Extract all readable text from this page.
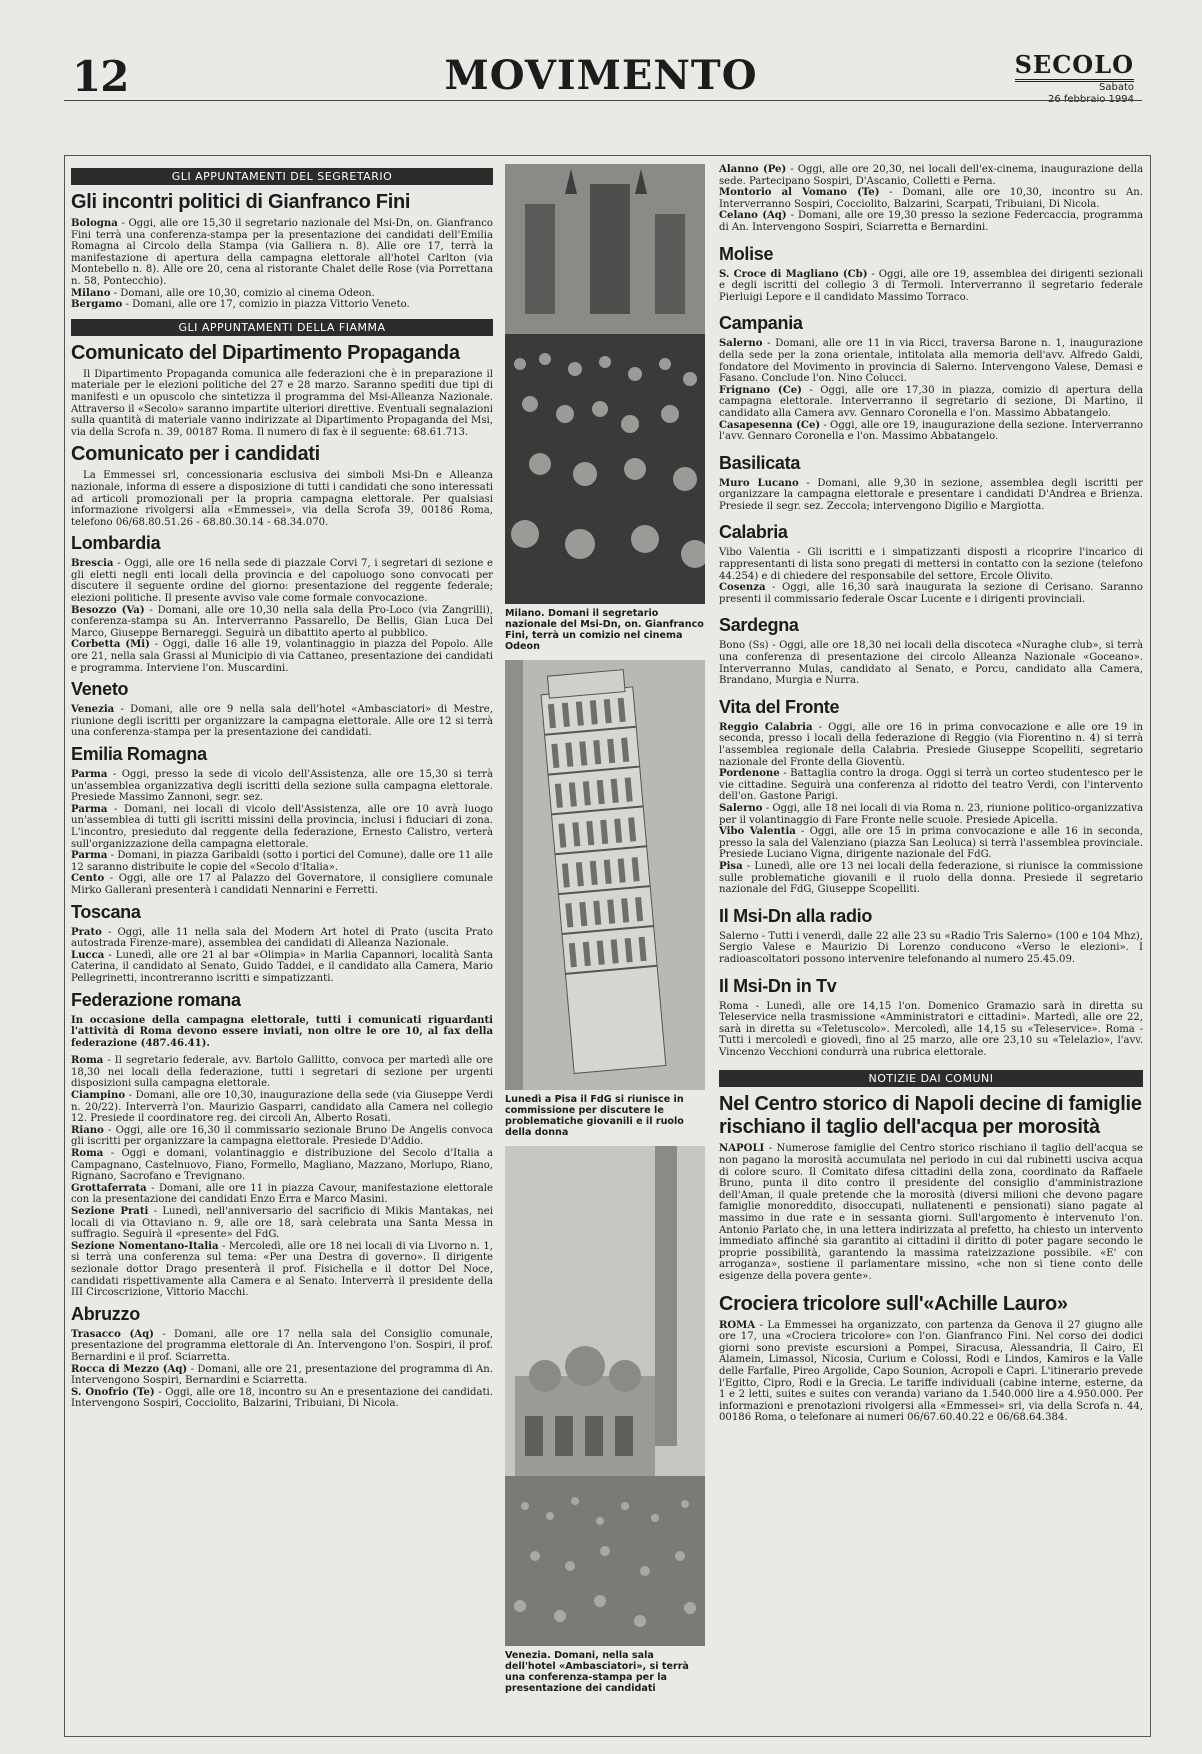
12	MOVIMENTO	SECOLO
Sabato
26 febbraio 1994
GLI APPUNTAMENTI DEL SEGRETARIO
Gli incontri politici di Gianfranco Fini

Bologna - Oggi, alle ore 15,30 il segretario nazionale del Msi-Dn, on. Gianfranco Fini terrà una conferenza-stampa per la presentazione dei candidati dell'Emilia Romagna al Circolo della Stampa (via Galliera n. 8). Alle ore 17, terrà la manifestazione di apertura della campagna elettorale all'hotel Carlton (via Montebello n. 8). Alle ore 20, cena al ristorante Chalet delle Rose (via Porrettana n. 58, Pontecchio).

Milano - Domani, alle ore 10,30, comizio al cinema Odeon.

Bergamo - Domani, alle ore 17, comizio in piazza Vittorio Veneto.

GLI APPUNTAMENTI DELLA FIAMMA
Comunicato del Dipartimento Propaganda

Il Dipartimento Propaganda comunica alle federazioni che è in preparazione il materiale per le elezioni politiche del 27 e 28 marzo. Saranno spediti due tipi di manifesti e un opuscolo che sintetizza il programma del Msi-Alleanza Nazionale. Attraverso il «Secolo» saranno impartite ulteriori direttive. Eventuali segnalazioni sulla quantità di materiale vanno indirizzate al Dipartimento Propaganda del Msi, via della Scrofa n. 39, 00187 Roma. Il numero di fax è il seguente: 68.61.713.

Comunicato per i candidati

La Emmessei srl, concessionaria esclusiva dei simboli Msi-Dn e Alleanza nazionale, informa di essere a disposizione di tutti i candidati che sono interessati ad articoli promozionali per la propria campagna elettorale. Per qualsiasi informazione rivolgersi alla «Emmessei», via della Scrofa 39, 00186 Roma, telefono 06/68.80.51.26 - 68.80.30.14 - 68.34.070.

Lombardia

Brescia - Oggi, alle ore 16 nella sede di piazzale Corvi 7, i segretari di sezione e gli eletti negli enti locali della provincia e del capoluogo sono convocati per discutere il seguente ordine del giorno: presentazione del reggente federale; elezioni politiche. Il presente avviso vale come formale convocazione.

Besozzo (Va) - Domani, alle ore 10,30 nella sala della Pro-Loco (via Zangrilli), conferenza-stampa su An. Interverranno Passarello, De Bellis, Gian Luca Del Marco, Giuseppe Bernareggi. Seguirà un dibattito aperto al pubblico.

Corbetta (Mi) - Oggi, dalle 16 alle 19, volantinaggio in piazza del Popolo. Alle ore 21, nella sala Grassi al Municipio di via Cattaneo, presentazione dei candidati e programma. Interviene l'on. Muscardini.

Veneto

Venezia - Domani, alle ore 9 nella sala dell'hotel «Ambasciatori» di Mestre, riunione degli iscritti per organizzare la campagna elettorale. Alle ore 12 si terrà una conferenza-stampa per la presentazione dei candidati.

Emilia Romagna

Parma - Oggi, presso la sede di vicolo dell'Assistenza, alle ore 15,30 si terrà un'assemblea organizzativa degli iscritti della sezione sulla campagna elettorale. Presiede Massimo Zannoni, segr. sez.

Parma - Domani, nei locali di vicolo dell'Assistenza, alle ore 10 avrà luogo un'assemblea di tutti gli iscritti missini della provincia, inclusi i fiduciari di zona. L'incontro, presieduto dal reggente della federazione, Ernesto Calistro, verterà sull'organizzazione della campagna elettorale.

Parma - Domani, in piazza Garibaldi (sotto i portici del Comune), dalle ore 11 alle 12 saranno distribuite le copie del «Secolo d'Italia».

Cento - Oggi, alle ore 17 al Palazzo del Governatore, il consigliere comunale Mirko Galleranì presenterà i candidati Nennarini e Ferretti.

Toscana

Prato - Oggi, alle 11 nella sala del Modern Art hotel di Prato (uscita Prato autostrada Firenze-mare), assemblea dei candidati di Alleanza Nazionale.

Lucca - Lunedì, alle ore 21 al bar «Olimpia» in Marlia Capannori, località Santa Caterina, il candidato al Senato, Guido Taddei, e il candidato alla Camera, Mario Pellegrinetti, incontreranno iscritti e simpatizzanti.

Federazione romana

In occasione della campagna elettorale, tutti i comunicati riguardanti l'attività di Roma devono essere inviati, non oltre le ore 10, al fax della federazione (487.46.41).

Roma - Il segretario federale, avv. Bartolo Gallitto, convoca per martedì alle ore 18,30 nei locali della federazione, tutti i segretari di sezione per urgenti disposizioni sulla campagna elettorale.

Ciampino - Domani, alle ore 10,30, inaugurazione della sede (via Giuseppe Verdi n. 20/22). Interverrà l'on. Maurizio Gasparri, candidato alla Camera nel collegio 12. Presiede il coordinatore reg. dei circoli An, Alberto Rosati.

Riano - Oggi, alle ore 16,30 il commissario sezionale Bruno De Angelis convoca gli iscritti per organizzare la campagna elettorale. Presiede D'Addio.

Roma - Oggi e domani, volantinaggio e distribuzione del Secolo d'Italia a Campagnano, Castelnuovo, Fiano, Formello, Magliano, Mazzano, Morlupo, Riano, Rignano, Sacrofano e Trevignano.

Grottaferrata - Domani, alle ore 11 in piazza Cavour, manifestazione elettorale con la presentazione dei candidati Enzo Erra e Marco Masini.

Sezione Prati - Lunedì, nell'anniversario del sacrificio di Mikis Mantakas, nei locali di via Ottaviano n. 9, alle ore 18, sarà celebrata una Santa Messa in suffragio. Seguirà il «presente» del FdG.

Sezione Nomentano-Italia - Mercoledì, alle ore 18 nei locali di via Livorno n. 1, si terrà una conferenza sul tema: «Per una Destra di governo». Il dirigente sezionale dottor Drago presenterà il prof. Fisichella e il dottor Del Noce, candidati rispettivamente alla Camera e al Senato. Interverrà il presidente della III Circoscrizione, Vittorio Macchi.

Abruzzo

Trasacco (Aq) - Domani, alle ore 17 nella sala del Consiglio comunale, presentazione del programma elettorale di An. Intervengono l'on. Sospiri, il prof. Bernardini e il prof. Sciarretta.

Rocca di Mezzo (Aq) - Domani, alle ore 21, presentazione del programma di An. Intervengono Sospiri, Bernardini e Sciarretta.

S. Onofrio (Te) - Oggi, alle ore 18, incontro su An e presentazione dei candidati. Intervengono Sospiri, Cocciolito, Balzarini, Tribuiani, Di Nicola.

Milano. Domani il segretario nazionale del Msi-Dn, on. Gianfranco Fini, terrà un comizio nel cinema Odeon
Lunedì a Pisa il FdG si riunisce in commissione per discutere le problematiche giovanili e il ruolo della donna
Venezia. Domani, nella sala dell'hotel «Ambasciatori», si terrà una conferenza-stampa per la presentazione dei candidati

Alanno (Pe) - Oggi, alle ore 20,30, nei locali dell'ex-cinema, inaugurazione della sede. Partecipano Sospiri, D'Ascanio, Colletti e Perna.

Montorio al Vomano (Te) - Domani, alle ore 10,30, incontro su An. Interverranno Sospiri, Cocciolito, Balzarini, Scarpati, Tribuiani, Di Nicola.

Celano (Aq) - Domani, alle ore 19,30 presso la sezione Federcaccia, programma di An. Intervengono Sospiri, Sciarretta e Bernardini.

Molise

S. Croce di Magliano (Cb) - Oggi, alle ore 19, assemblea dei dirigenti sezionali e degli iscritti del collegio 3 di Termoli. Interverranno il segretario federale Pierluigi Lepore e il candidato Massimo Torraco.

Campania

Salerno - Domani, alle ore 11 in via Ricci, traversa Barone n. 1, inaugurazione della sede per la zona orientale, intitolata alla memoria dell'avv. Alfredo Galdi, fondatore del Movimento in provincia di Salerno. Intervengono Valese, Demasi e Fasano. Conclude l'on. Nino Colucci.

Frignano (Ce) - Oggi, alle ore 17,30 in piazza, comizio di apertura della campagna elettorale. Interverranno il segretario di sezione, Di Martino, il candidato alla Camera avv. Gennaro Coronella e l'on. Massimo Abbatangelo.

Casapesenna (Ce) - Oggi, alle ore 19, inaugurazione della sezione. Interverranno l'avv. Gennaro Coronella e l'on. Massimo Abbatangelo.

Basilicata

Muro Lucano - Domani, alle 9,30 in sezione, assemblea degli iscritti per organizzare la campagna elettorale e presentare i candidati D'Andrea e Brienza. Presiede il segr. sez. Zeccola; intervengono Digilio e Margiotta.

Calabria

Vibo Valentia - Gli iscritti e i simpatizzanti disposti a ricoprire l'incarico di rappresentanti di lista sono pregati di mettersi in contatto con la sezione (telefono 44.254) e di chiedere del responsabile del settore, Ercole Olivito.

Cosenza - Oggi, alle 16,30 sarà inaugurata la sezione di Cerisano. Saranno presenti il commissario federale Oscar Lucente e i dirigenti provinciali.

Sardegna

Bono (Ss) - Oggi, alle ore 18,30 nei locali della discoteca «Nuraghe club», si terrà una conferenza di presentazione dei circolo Alleanza Nazionale «Goceano». Interverranno Mulas, candidato al Senato, e Porcu, candidato alla Camera, Brandano, Murgia e Nurra.

Vita del Fronte

Reggio Calabria - Oggi, alle ore 16 in prima convocazione e alle ore 19 in seconda, presso i locali della federazione di Reggio (via Fiorentino n. 4) si terrà l'assemblea regionale della Calabria. Presiede Giuseppe Scopelliti, segretario nazionale del Fronte della Gioventù.

Pordenone - Battaglia contro la droga. Oggi si terrà un corteo studentesco per le vie cittadine. Seguirà una conferenza al ridotto del teatro Verdi, con l'intervento dell'on. Gastone Parigi.

Salerno - Oggi, alle 18 nei locali di via Roma n. 23, riunione politico-organizzativa per il volantinaggio di Fare Fronte nelle scuole. Presiede Apicella.

Vibo Valentia - Oggi, alle ore 15 in prima convocazione e alle 16 in seconda, presso la sala del Valenziano (piazza San Leoluca) si terrà l'assemblea provinciale. Presiede Luciano Vigna, dirigente nazionale del FdG.

Pisa - Lunedì, alle ore 13 nei locali della federazione, si riunisce la commissione sulle problematiche giovanili e il ruolo della donna. Presiede il segretario nazionale del FdG, Giuseppe Scopelliti.

Il Msi-Dn alla radio

Salerno - Tutti i venerdì, dalle 22 alle 23 su «Radio Tris Salerno» (100 e 104 Mhz), Sergio Valese e Maurizio Di Lorenzo conducono «Verso le elezioni». I radioascoltatori possono intervenire telefonando al numero 25.45.09.

Il Msi-Dn in Tv

Roma - Lunedì, alle ore 14,15 l'on. Domenico Gramazio sarà in diretta su Teleservice nella trasmissione «Amministratori e cittadini». Martedì, alle ore 22, sarà in diretta su «Teletuscolo». Mercoledì, alle 14,15 su «Teleservice». Roma - Tutti i mercoledì e giovedì, fino al 25 marzo, alle ore 23,10 su «Telelazio», l'avv. Vincenzo Vecchioni condurrà una rubrica elettorale.

NOTIZIE DAI COMUNI
Nel Centro storico di Napoli decine di famiglie rischiano il taglio dell'acqua per morosità

NAPOLI - Numerose famiglie del Centro storico rischiano il taglio dell'acqua se non pagano la morosità accumulata nel periodo in cui dal rubinetti usciva acqua di colore scuro. Il Comitato difesa cittadini della zona, coordinato da Raffaele Bruno, punta il dito contro il presidente del consiglio d'amministrazione dell'Aman, il quale pretende che la morosità (diversi milioni che devono pagare famiglie monoreddito, disoccupati, nullatenenti e pensionati) siano pagate al massimo in due rate e in sessanta giorni. Sull'argomento è intervenuto l'on. Antonio Parlato che, in una lettera indirizzata al prefetto, ha chiesto un intervento immediato affinché sia garantito ai cittadini il diritto di poter pagare secondo le proprie possibilità, garantendo la massima rateizzazione possibile. «E' con arroganza», sostiene il parlamentare missino, «che non si tiene conto delle esigenze della povera gente».

Crociera tricolore sull'«Achille Lauro»

ROMA - La Emmessei ha organizzato, con partenza da Genova il 27 giugno alle ore 17, una «Crociera tricolore» con l'on. Gianfranco Fini. Nel corso dei dodici giorni sono previste escursioni a Pompei, Siracusa, Alessandria, Il Cairo, El Alamein, Limassol, Nicosia, Curium e Colossi, Rodi e Lindos, Kamiros e la Valle delle Farfalle, Pireo Argolide, Capo Sounion, Acropoli e Capri. L'itinerario prevede l'Egitto, Cipro, Rodi e la Grecia. Le tariffe individuali (cabine interne, esterne, da 1 e 2 letti, suites e suites con veranda) variano da 1.540.000 lire a 4.950.000. Per informazioni e prenotazioni rivolgersi alla «Emmessei» srl, via della Scrofa n. 44, 00186 Roma, o telefonare ai numeri 06/67.60.40.22 e 06/68.64.384.
